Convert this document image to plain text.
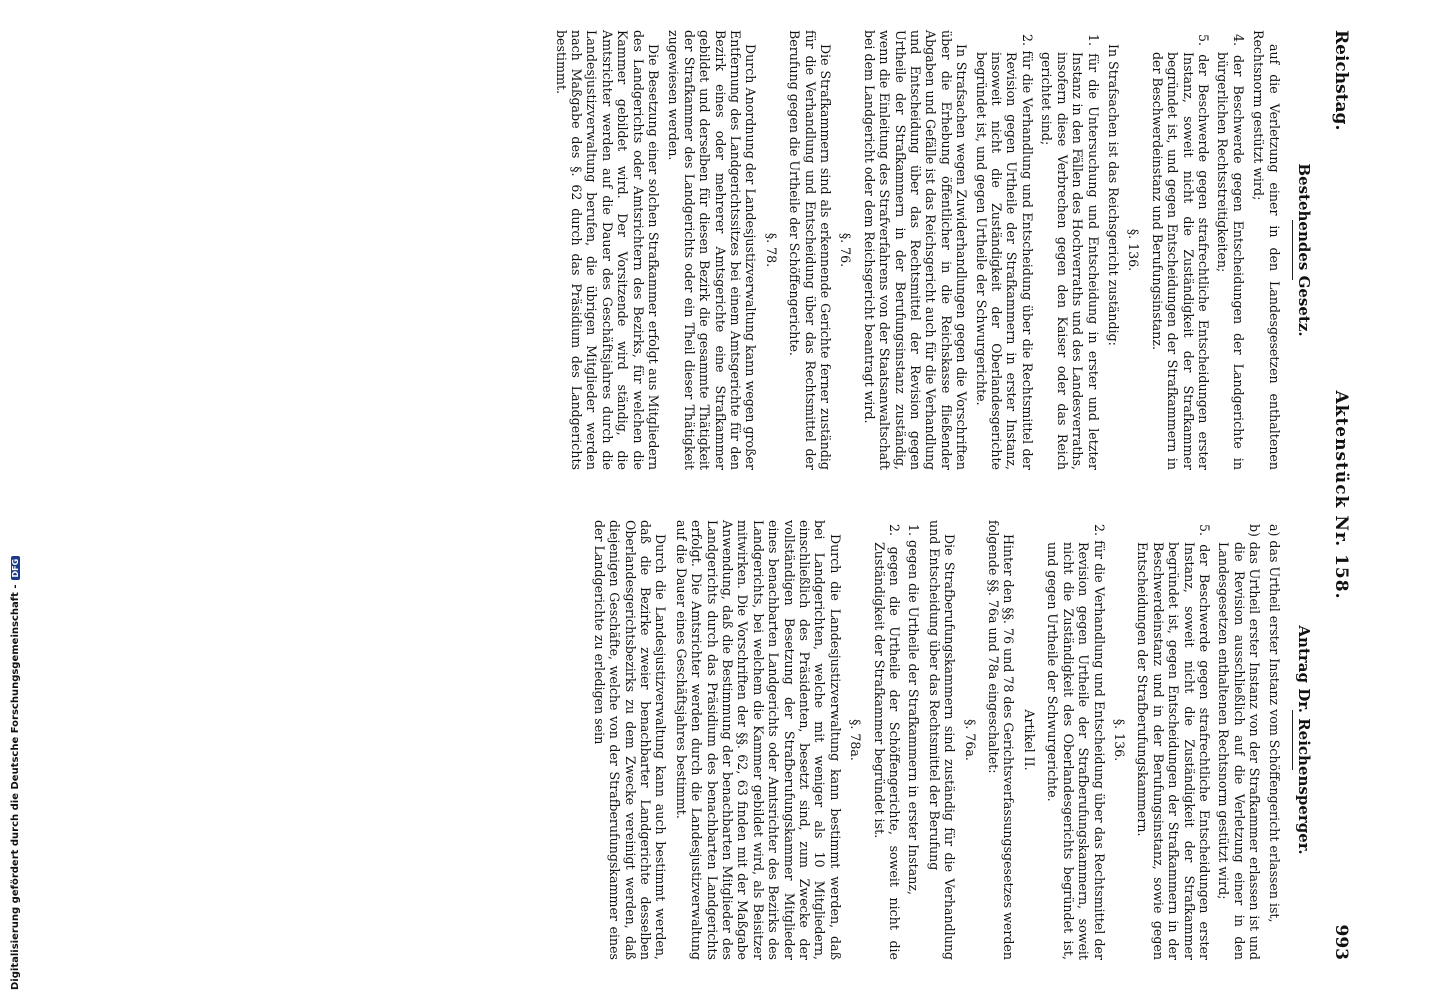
Reichstag.
Aktenstück Nr. 158.
993
Bestehendes Gesetz.
auf die Verletzung einer in den Landesgesetzen enthaltenen Rechtsnorm gestützt wird;
4. der Beschwerde gegen Entscheidungen der Landgerichte in bürgerlichen Rechtsstreitigkeiten;
5. der Beschwerde gegen strafrechtliche Entscheidungen erster Instanz, soweit nicht die Zuständigkeit der Strafkammer begründet ist, und gegen Entscheidungen der Strafkammern in der Beschwerdeinstanz und Berufungsinstanz.
§. 136.
In Strafsachen ist das Reichsgericht zuständig:
1. für die Untersuchung und Entscheidung in erster und letzter Instanz in den Fällen des Hochverraths und des Landesverraths, insofern diese Verbrechen gegen den Kaiser oder das Reich gerichtet sind;
2. für die Verhandlung und Entscheidung über die Rechtsmittel der Revision gegen Urtheile der Strafkammern in erster Instanz, insoweit nicht die Zuständigkeit der Oberlandesgerichte begründet ist, und gegen Urtheile der Schwurgerichte.
In Strafsachen wegen Zuwiderhandlungen gegen die Vorschriften über die Erhebung öffentlicher in die Reichskasse fließender Abgaben und Gefälle ist das Reichsgericht auch für die Verhandlung und Entscheidung über das Rechtsmittel der Revision gegen Urtheile der Strafkammern in der Berufungsinstanz zuständig, wenn die Einleitung des Strafverfahrens von der Staatsanwaltschaft bei dem Landgericht oder dem Reichsgericht beantragt wird.
§. 76.
Die Strafkammern sind als erkennende Gerichte ferner zuständig für die Verhandlung und Entscheidung über das Rechtsmittel der Berufung gegen die Urtheile der Schöffengerichte.
§. 78.
Durch Anordnung der Landesjustizverwaltung kann wegen großer Entfernung des Landgerichtssitzes bei einem Amtsgerichte für den Bezirk eines oder mehrerer Amtsgerichte eine Strafkammer gebildet und derselben für diesen Bezirk die gesammte Thätigkeit der Strafkammer des Landgerichts oder ein Theil dieser Thätigkeit zugewiesen werden.
Die Besetzung einer solchen Strafkammer erfolgt aus Mitgliedern des Landgerichts oder Amtsrichtern des Bezirks, für welchen die Kammer gebildet wird. Der Vorsitzende wird ständig, die Amtsrichter werden auf die Dauer des Geschäftsjahres durch die Landesjustizverwaltung berufen, die übrigen Mitglieder werden nach Maßgabe des §. 62 durch das Präsidium des Landgerichts bestimmt.
Antrag Dr. Reichensperger.
a) das Urtheil erster Instanz vom Schöffengericht erlassen ist,
b) das Urtheil erster Instanz von der Strafkammer erlassen ist und die Revision ausschließlich auf die Verletzung einer in den Landesgesetzen enthaltenen Rechtsnorm gestützt wird;
5. der Beschwerde gegen strafrechtliche Entscheidungen erster Instanz, soweit nicht die Zuständigkeit der Strafkammer begründet ist, gegen Entscheidungen der Strafkammern in der Beschwerdeinstanz und in der Berufungsinstanz, sowie gegen Entscheidungen der Strafberufungskammern.
§. 136.
2. für die Verhandlung und Entscheidung über das Rechtsmittel der Revision gegen Urtheile der Strafberufungskammern, soweit nicht die Zuständigkeit des Oberlandesgerichts begründet ist, und gegen Urtheile der Schwurgerichte.
Artikel II.
Hinter den §§. 76 und 78 des Gerichtsverfassungsgesetzes werden folgende §§. 76a und 78a eingeschaltet:
§. 76a.
Die Strafberufungskammern sind zuständig für die Verhandlung und Entscheidung über das Rechtsmittel der Berufung
1. gegen die Urtheile der Strafkammern in erster Instanz,
2. gegen die Urtheile der Schöffengerichte, soweit nicht die Zuständigkeit der Strafkammer begründet ist.
§. 78a.
Durch die Landesjustizverwaltung kann bestimmt werden, daß bei Landgerichten, welche mit weniger als 10 Mitgliedern, einschließlich des Präsidenten, besetzt sind, zum Zwecke der vollständigen Besetzung der Strafberufungskammer Mitglieder eines benachbarten Landgerichts oder Amtsrichter des Bezirks des Landgerichts, bei welchem die Kammer gebildet wird, als Beisitzer mitwirken. Die Vorschriften der §§. 62, 63 finden mit der Maßgabe Anwendung, daß die Bestimmung der benachbarten Mitglieder des Landgerichts durch das Präsidium des benachbarten Landgerichts erfolgt. Die Amtsrichter werden durch die Landesjustizverwaltung auf die Dauer eines Geschäftsjahres bestimmt.
Durch die Landesjustizverwaltung kann auch bestimmt werden, daß die Bezirke zweier benachbarter Landgerichte desselben Oberlandesgerichtsbezirks zu dem Zwecke vereinigt werden, daß diejenigen Geschäfte, welche von der Strafberufungskammer eines der Landgerichte zu erledigen sein
Digitalisierung gefördert durch die Deutsche Forschungsgemeinschaft -DFG
